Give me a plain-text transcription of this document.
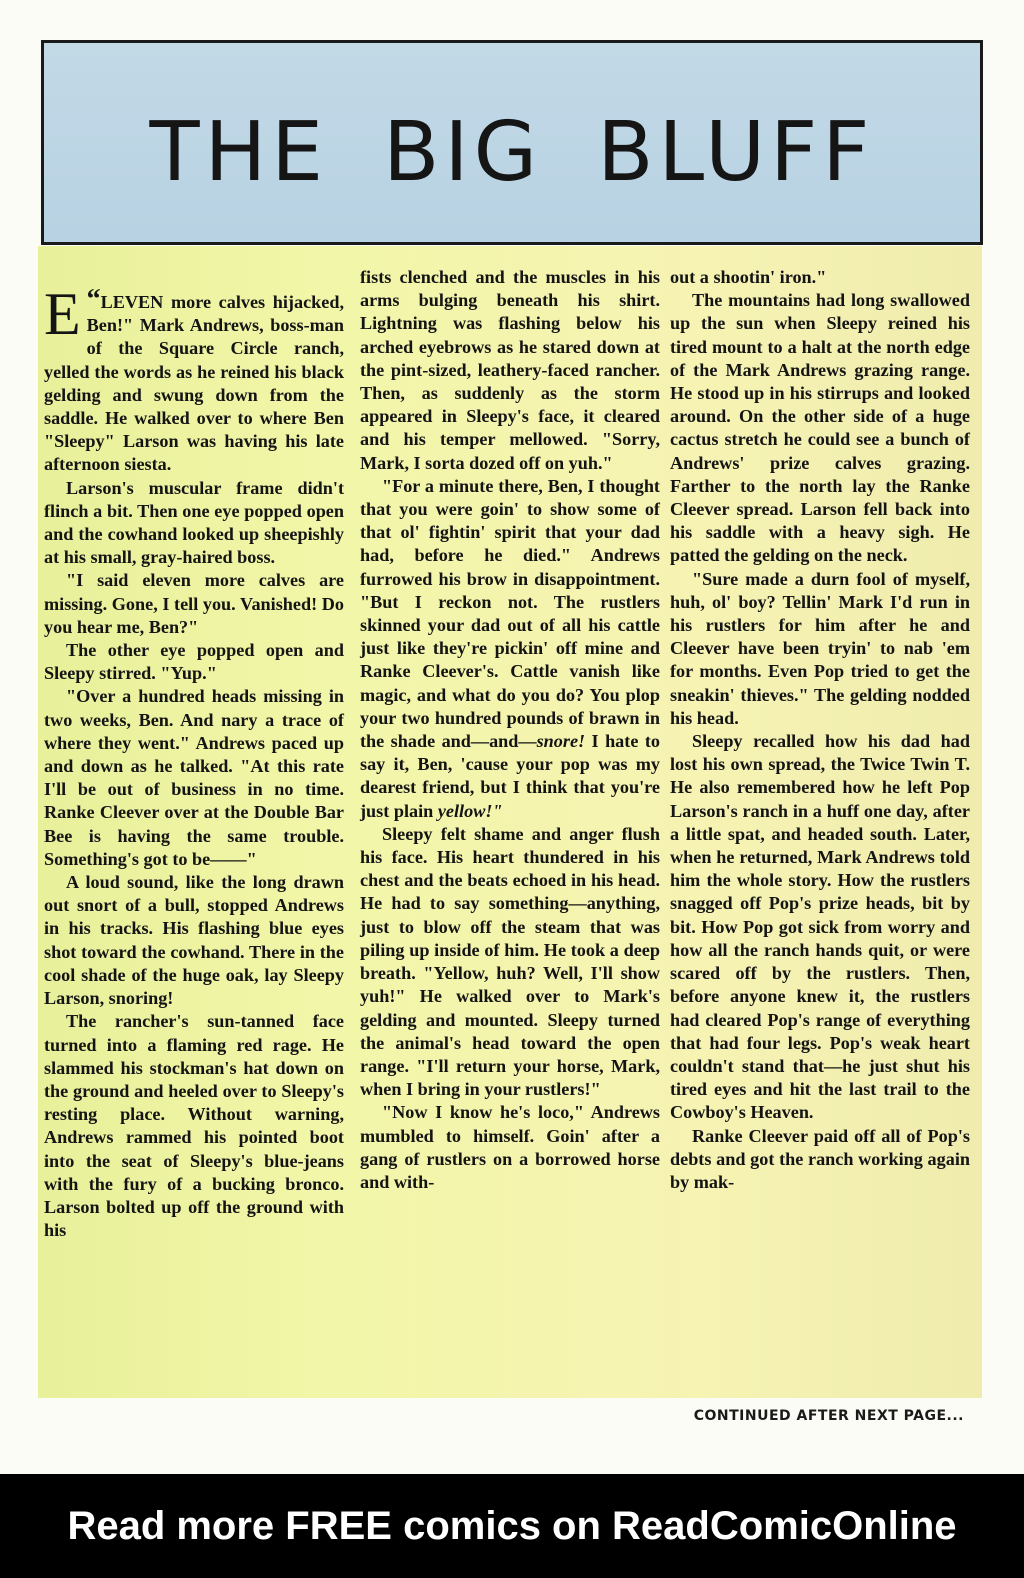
THE BIG BLUFF

“
E LEVEN more calves hijacked, Ben!" Mark Andrews, boss-man of the Square Circle ranch, yelled the words as he reined his black gelding and swung down from the saddle. He walked over to where Ben "Sleepy" Larson was having his late afternoon siesta.

Larson's muscular frame didn't flinch a bit. Then one eye popped open and the cowhand looked up sheepishly at his small, gray-haired boss.

"I said eleven more calves are missing. Gone, I tell you. Vanished! Do you hear me, Ben?"

The other eye popped open and Sleepy stirred. "Yup."

"Over a hundred heads missing in two weeks, Ben. And nary a trace of where they went." Andrews paced up and down as he talked. "At this rate I'll be out of business in no time. Ranke Cleever over at the Double Bar Bee is having the same trouble. Something's got to be——"

A loud sound, like the long drawn out snort of a bull, stopped Andrews in his tracks. His flashing blue eyes shot toward the cowhand. There in the cool shade of the huge oak, lay Sleepy Larson, snoring!

The rancher's sun-tanned face turned into a flaming red rage. He slammed his stockman's hat down on the ground and heeled over to Sleepy's resting place. Without warning, Andrews rammed his pointed boot into the seat of Sleepy's blue-jeans with the fury of a bucking bronco. Larson bolted up off the ground with his

fists clenched and the muscles in his arms bulging beneath his shirt. Lightning was flashing below his arched eyebrows as he stared down at the pint-sized, leathery-faced rancher. Then, as suddenly as the storm appeared in Sleepy's face, it cleared and his temper mellowed. "Sorry, Mark, I sorta dozed off on yuh."

"For a minute there, Ben, I thought that you were goin' to show some of that ol' fightin' spirit that your dad had, before he died." Andrews furrowed his brow in disappointment. "But I reckon not. The rustlers skinned your dad out of all his cattle just like they're pickin' off mine and Ranke Cleever's. Cattle vanish like magic, and what do you do? You plop your two hundred pounds of brawn in the shade and—and—snore! I hate to say it, Ben, 'cause your pop was my dearest friend, but I think that you're just plain yellow!"

Sleepy felt shame and anger flush his face. His heart thundered in his chest and the beats echoed in his head. He had to say something—anything, just to blow off the steam that was piling up inside of him. He took a deep breath. "Yellow, huh? Well, I'll show yuh!" He walked over to Mark's gelding and mounted. Sleepy turned the animal's head toward the open range. "I'll return your horse, Mark, when I bring in your rustlers!"

"Now I know he's loco," Andrews mumbled to himself. Goin' after a gang of rustlers on a borrowed horse and with-

out a shootin' iron."

The mountains had long swallowed up the sun when Sleepy reined his tired mount to a halt at the north edge of the Mark Andrews grazing range. He stood up in his stirrups and looked around. On the other side of a huge cactus stretch he could see a bunch of Andrews' prize calves grazing. Farther to the north lay the Ranke Cleever spread. Larson fell back into his saddle with a heavy sigh. He patted the gelding on the neck.

"Sure made a durn fool of myself, huh, ol' boy? Tellin' Mark I'd run in his rustlers for him after he and Cleever have been tryin' to nab 'em for months. Even Pop tried to get the sneakin' thieves." The gelding nodded his head.

Sleepy recalled how his dad had lost his own spread, the Twice Twin T. He also remembered how he left Pop Larson's ranch in a huff one day, after a little spat, and headed south. Later, when he returned, Mark Andrews told him the whole story. How the rustlers snagged off Pop's prize heads, bit by bit. How Pop got sick from worry and how all the ranch hands quit, or were scared off by the rustlers. Then, before anyone knew it, the rustlers had cleared Pop's range of everything that had four legs. Pop's weak heart couldn't stand that—he just shut his tired eyes and hit the last trail to the Cowboy's Heaven.

Ranke Cleever paid off all of Pop's debts and got the ranch working again by mak-

CONTINUED AFTER NEXT PAGE...
Read more FREE comics on ReadComicOnline
